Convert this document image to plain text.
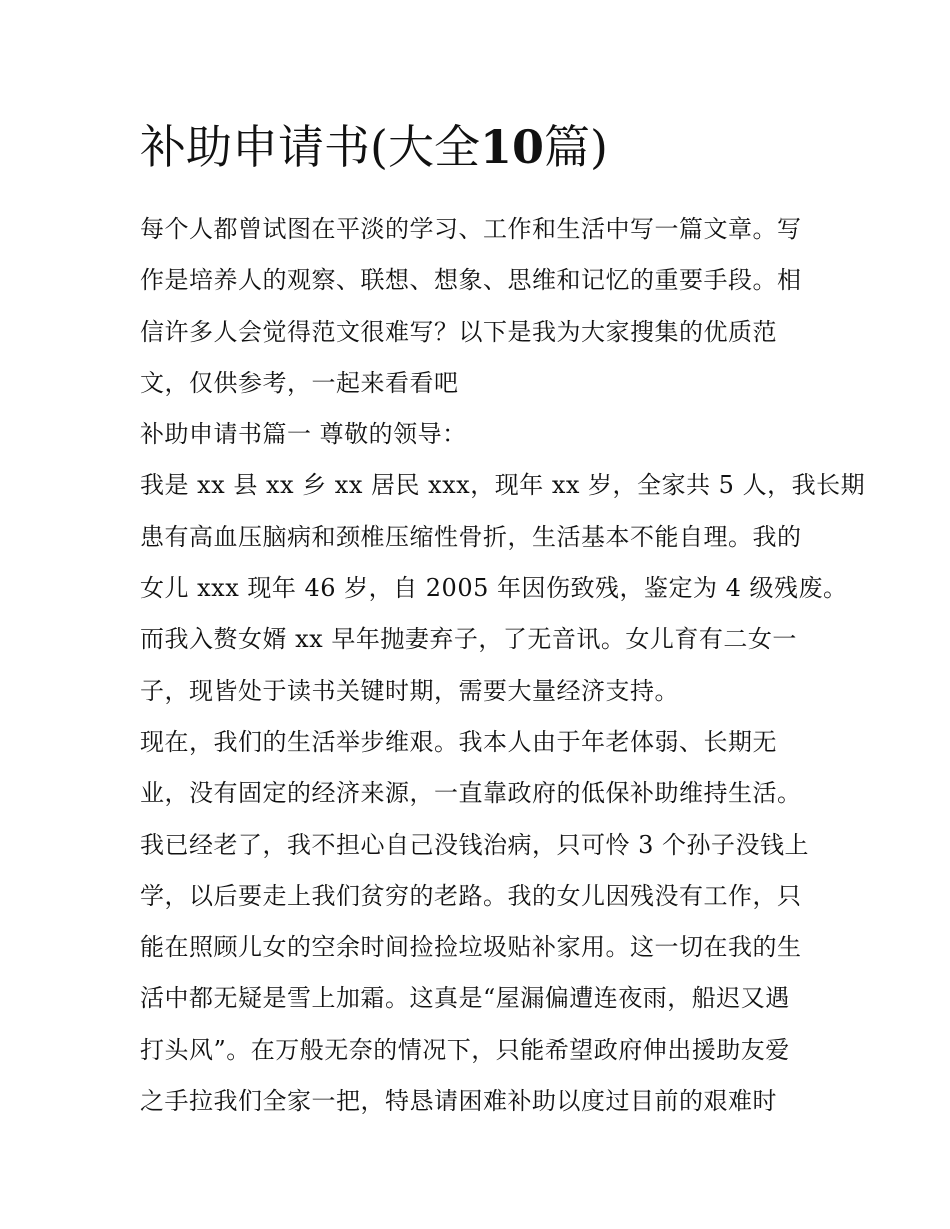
补助申请书(大全10篇)
每个人都曾试图在平淡的学习、工作和生活中写一篇文章。写
作是培养人的观察、联想、想象、思维和记忆的重要手段。相
信许多人会觉得范文很难写？以下是我为大家搜集的优质范
文，仅供参考，一起来看看吧
补助申请书篇一 尊敬的领导：
我是 xx 县 xx 乡 xx 居民 xxx，现年 xx 岁，全家共 5 人，我长期
患有高血压脑病和颈椎压缩性骨折，生活基本不能自理。我的
女儿 xxx 现年 46 岁，自 2005 年因伤致残，鉴定为 4 级残废。
而我入赘女婿 xx 早年抛妻弃子，了无音讯。女儿育有二女一
子，现皆处于读书关键时期，需要大量经济支持。
现在，我们的生活举步维艰。我本人由于年老体弱、长期无
业，没有固定的经济来源，一直靠政府的低保补助维持生活。
我已经老了，我不担心自己没钱治病，只可怜 3 个孙子没钱上
学，以后要走上我们贫穷的老路。我的女儿因残没有工作，只
能在照顾儿女的空余时间捡捡垃圾贴补家用。这一切在我的生
活中都无疑是雪上加霜。这真是“屋漏偏遭连夜雨，船迟又遇
打头风”。在万般无奈的情况下，只能希望政府伸出援助友爱
之手拉我们全家一把，特恳请困难补助以度过目前的艰难时
